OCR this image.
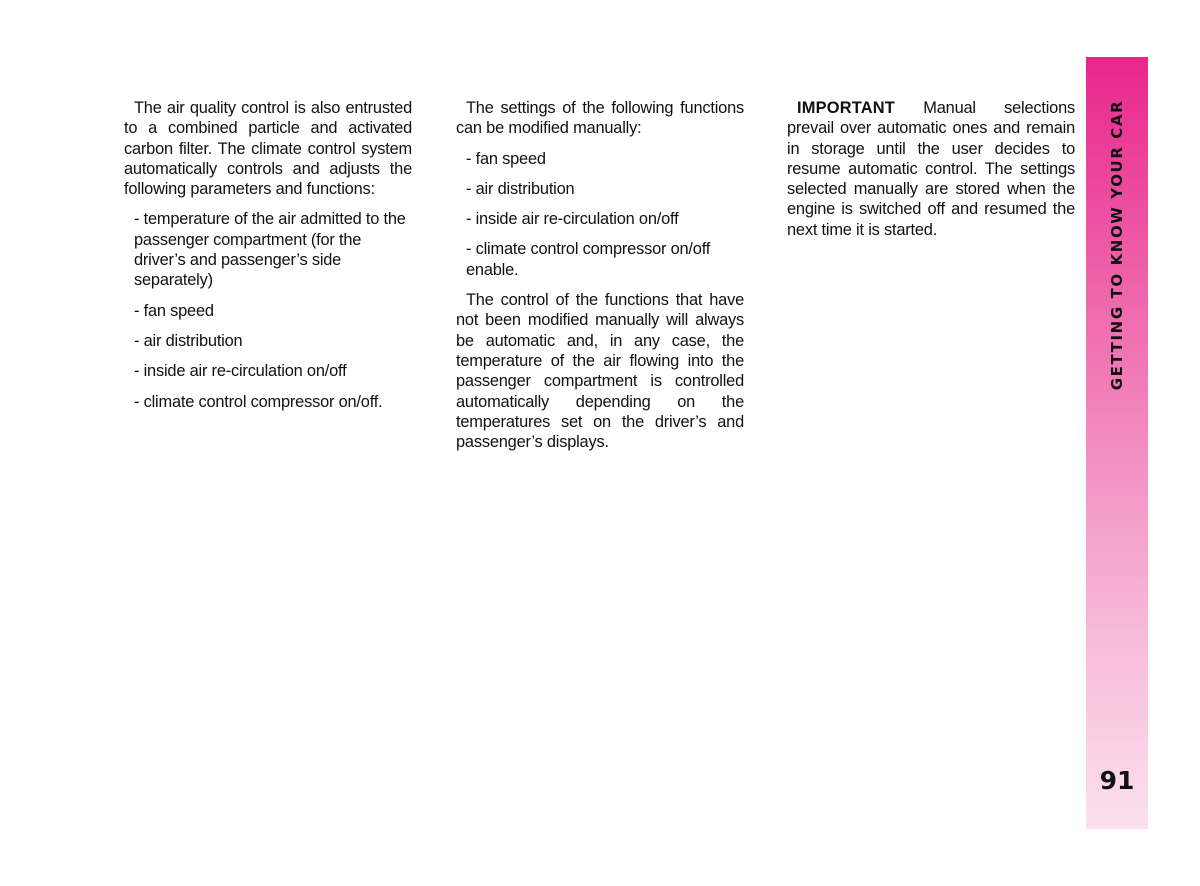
The air quality control is also entrusted to a combined particle and activated carbon filter. The climate control system automatically controls and adjusts the following parameters and functions:

- temperature of the air admitted to the passenger compartment (for the driver’s and passenger’s side separately)

- fan speed

- air distribution

- inside air re-circulation on/off

- climate control compressor on/off.

The settings of the following functions can be modified manually:

- fan speed

- air distribution

- inside air re-circulation on/off

- climate control compressor on/off enable.

The control of the functions that have not been modified manually will always be automatic and, in any case, the temperature of the air flowing into the passenger compartment is controlled automatically depending on the temperatures set on the driver’s and passenger’s displays.

IMPORTANT Manual selections prevail over automatic ones and remain in storage until the user decides to resume automatic control. The settings selected manually are stored when the engine is switched off and resumed the next time it is started.	GETTING TO KNOW YOUR CAR
91
